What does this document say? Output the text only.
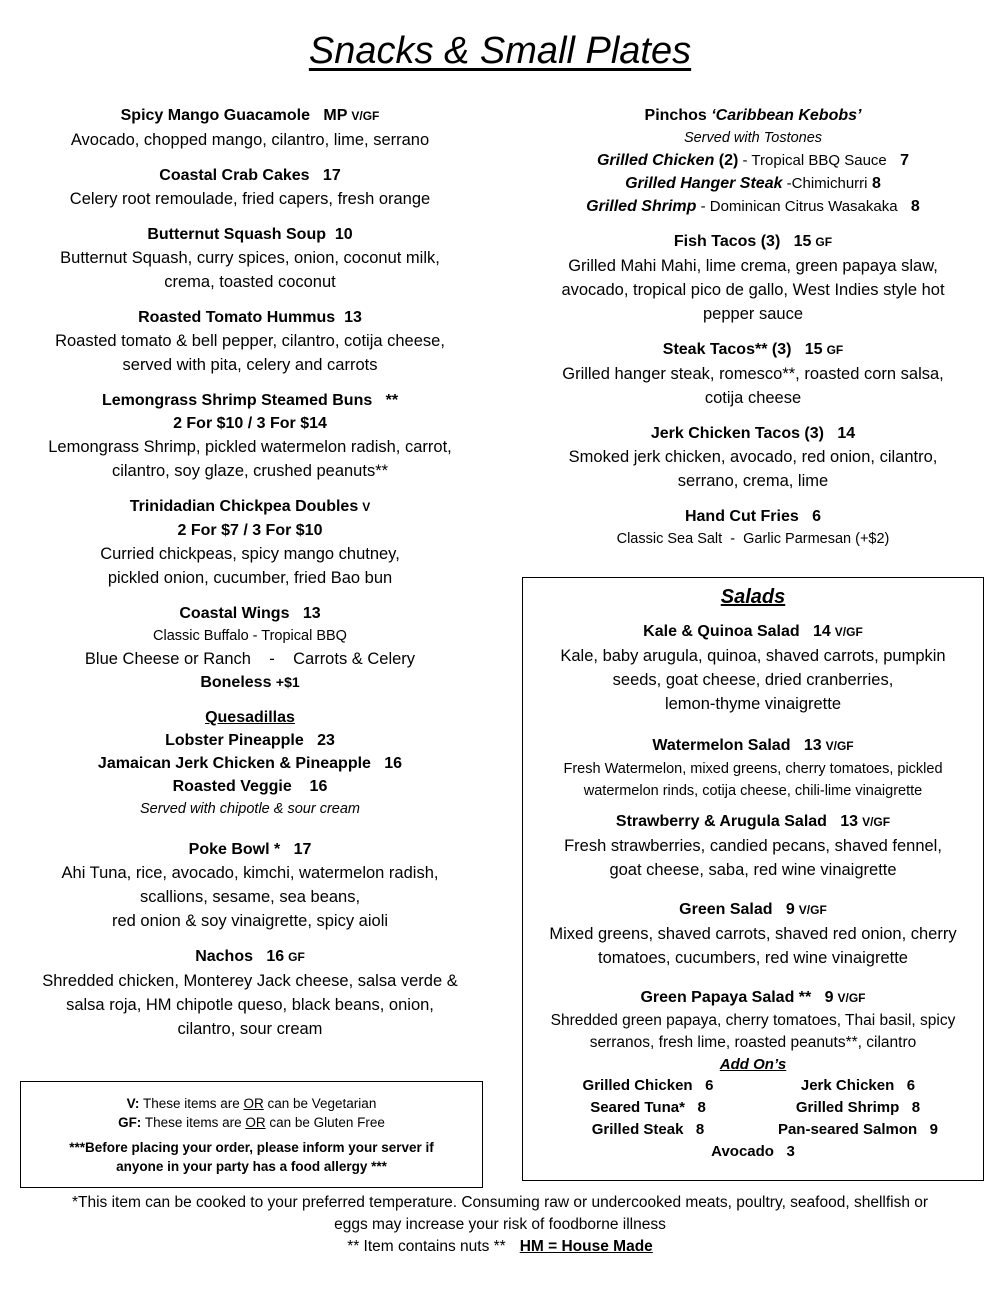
Snacks & Small Plates
Spicy Mango Guacamole MP V/GF
Avocado, chopped mango, cilantro, lime, serrano
Coastal Crab Cakes 17
Celery root remoulade, fried capers, fresh orange
Butternut Squash Soup 10
Butternut Squash, curry spices, onion, coconut milk,
crema, toasted coconut
Roasted Tomato Hummus 13
Roasted tomato & bell pepper, cilantro, cotija cheese,
served with pita, celery and carrots
Lemongrass Shrimp Steamed Buns **
2 For $10 / 3 For $14
Lemongrass Shrimp, pickled watermelon radish, carrot,
cilantro, soy glaze, crushed peanuts**
Trinidadian Chickpea Doubles V
2 For $7 / 3 For $10
Curried chickpeas, spicy mango chutney,
pickled onion, cucumber, fried Bao bun
Coastal Wings 13
Classic Buffalo - Tropical BBQ
Blue Cheese or Ranch    -    Carrots & Celery
Boneless +$1
Quesadillas
Lobster Pineapple   23
Jamaican Jerk Chicken & Pineapple   16
Roasted Veggie    16
Served with chipotle & sour cream
Poke Bowl * 17
Ahi Tuna, rice, avocado, kimchi, watermelon radish,
scallions, sesame, sea beans,
red onion & soy vinaigrette, spicy aioli
Nachos 16 GF
Shredded chicken, Monterey Jack cheese, salsa verde &
salsa roja, HM chipotle queso, black beans, onion,
cilantro, sour cream
Pinchos ‘Caribbean Kebobs’
Served with Tostones
Grilled Chicken (2) - Tropical BBQ Sauce 7
Grilled Hanger Steak -Chimichurri 8
Grilled Shrimp - Dominican Citrus Wasakaka 8
Fish Tacos (3) 15 GF
Grilled Mahi Mahi, lime crema, green papaya slaw,
avocado, tropical pico de gallo, West Indies style hot
pepper sauce
Steak Tacos** (3) 15 GF
Grilled hanger steak, romesco**, roasted corn salsa,
cotija cheese
Jerk Chicken Tacos (3) 14
Smoked jerk chicken, avocado, red onion, cilantro,
serrano, crema, lime
Hand Cut Fries 6
Classic Sea Salt  -  Garlic Parmesan (+$2)
Salads
Kale & Quinoa Salad 14 V/GF
Kale, baby arugula, quinoa, shaved carrots, pumpkin
seeds, goat cheese, dried cranberries,
lemon-thyme vinaigrette
Watermelon Salad 13 V/GF
Fresh Watermelon, mixed greens, cherry tomatoes, pickled
watermelon rinds, cotija cheese, chili-lime vinaigrette
Strawberry & Arugula Salad 13 V/GF
Fresh strawberries, candied pecans, shaved fennel,
goat cheese, saba, red wine vinaigrette
Green Salad 9 V/GF
Mixed greens, shaved carrots, shaved red onion, cherry
tomatoes, cucumbers, red wine vinaigrette
Green Papaya Salad ** 9 V/GF
Shredded green papaya, cherry tomatoes, Thai basil, spicy
serranos, fresh lime, roasted peanuts**, cilantro
Add On’s
Grilled Chicken   6	Jerk Chicken   6
Seared Tuna*   8	Grilled Shrimp   8
Grilled Steak   8	Pan-seared Salmon   9
Avocado   3
V: These items are OR can be Vegetarian
GF: These items are OR can be Gluten Free
***Before placing your order, please inform your server if
anyone in your party has a food allergy ***
*This item can be cooked to your preferred temperature. Consuming raw or undercooked meats, poultry, seafood, shellfish or
eggs may increase your risk of foodborne illness
** Item contains nuts ** HM = House Made
